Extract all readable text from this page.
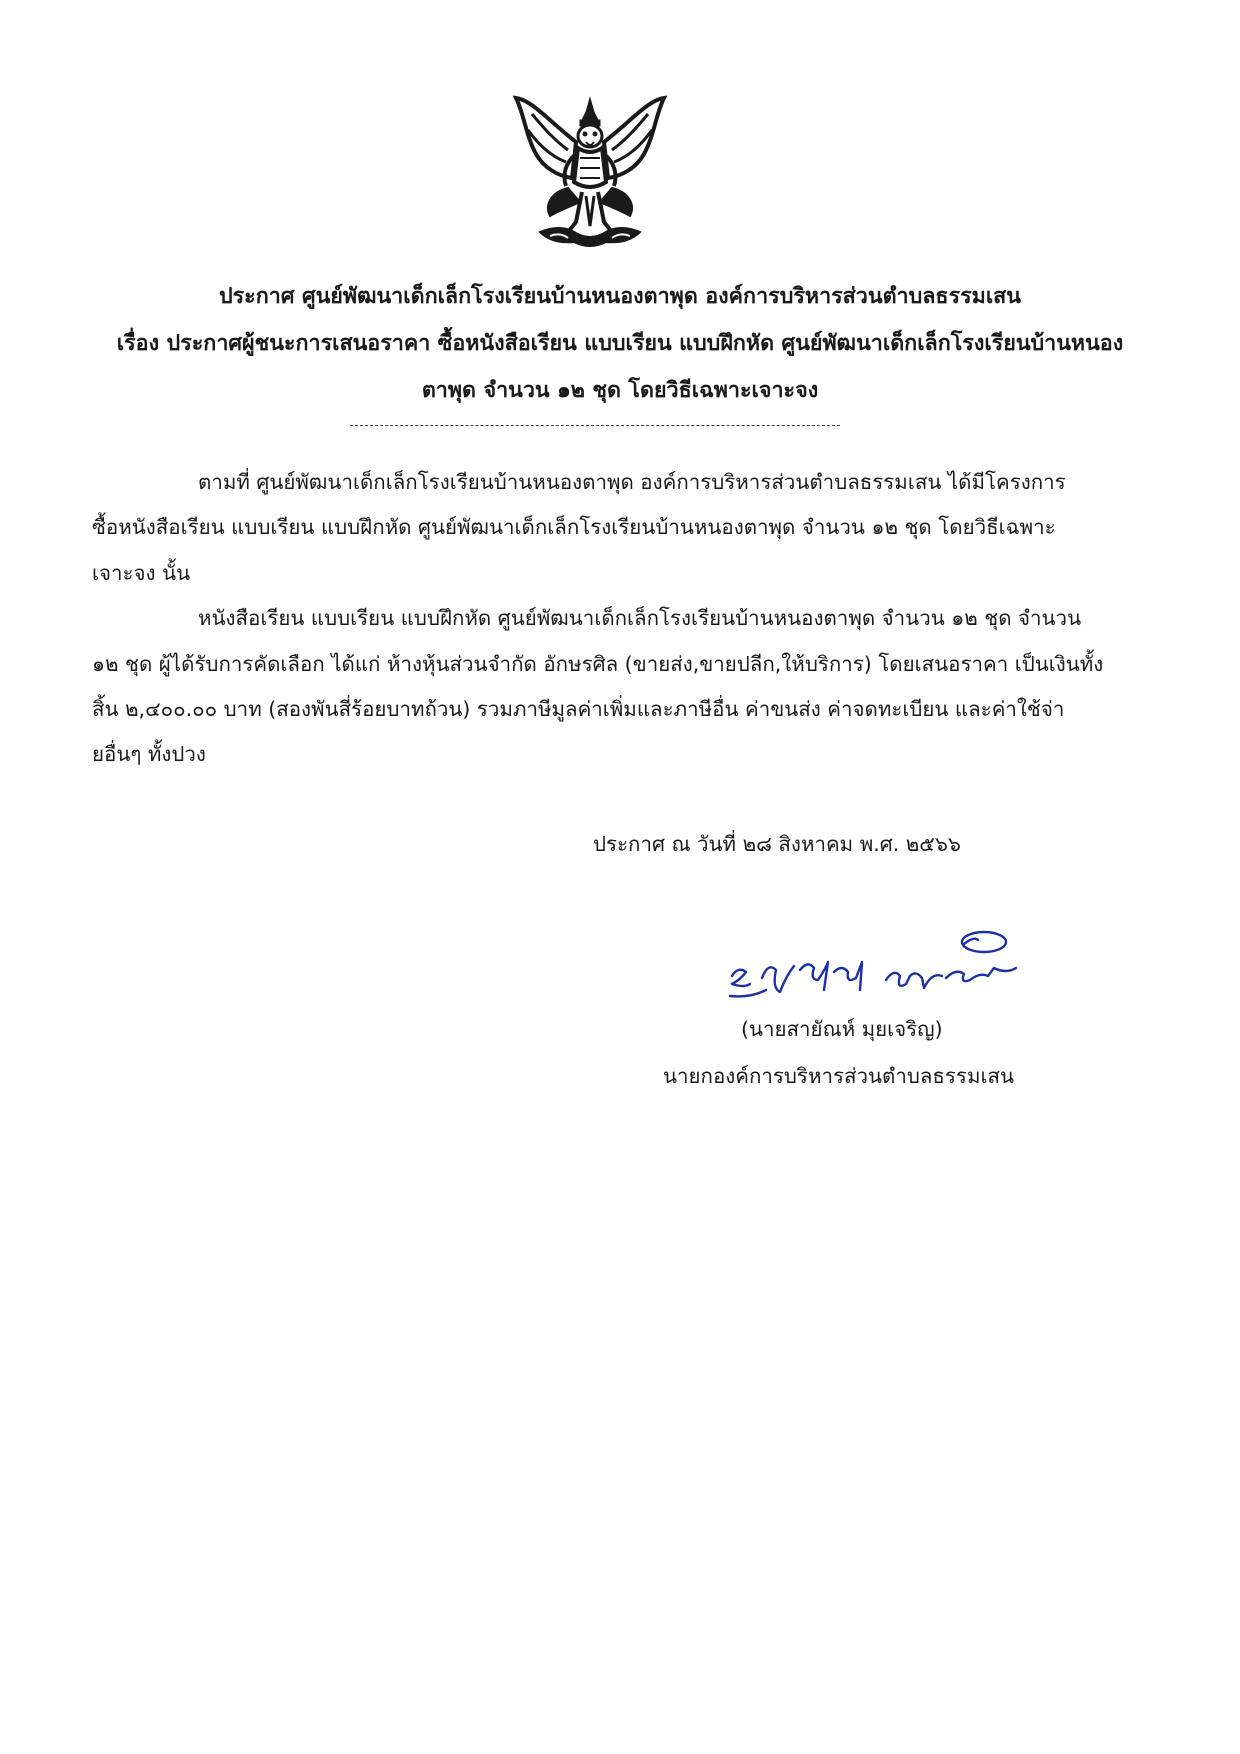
ประกาศ ศูนย์พัฒนาเด็กเล็กโรงเรียนบ้านหนองตาพุด องค์การบริหารส่วนตำบลธรรมเสน
เรื่อง ประกาศผู้ชนะการเสนอราคา ซื้อหนังสือเรียน แบบเรียน แบบฝึกหัด ศูนย์พัฒนาเด็กเล็กโรงเรียนบ้านหนอง
ตาพุด จำนวน ๑๒ ชุด โดยวิธีเฉพาะเจาะจง
ตามที่ ศูนย์พัฒนาเด็กเล็กโรงเรียนบ้านหนองตาพุด องค์การบริหารส่วนตำบลธรรมเสน ได้มีโครงการ
ซื้อหนังสือเรียน แบบเรียน แบบฝึกหัด ศูนย์พัฒนาเด็กเล็กโรงเรียนบ้านหนองตาพุด จำนวน ๑๒ ชุด โดยวิธีเฉพาะ
เจาะจง นั้น
หนังสือเรียน แบบเรียน แบบฝึกหัด ศูนย์พัฒนาเด็กเล็กโรงเรียนบ้านหนองตาพุด จำนวน ๑๒ ชุด จำนวน
๑๒ ชุด ผู้ได้รับการคัดเลือก ได้แก่ ห้างหุ้นส่วนจำกัด อักษรศิล (ขายส่ง,ขายปลีก,ให้บริการ) โดยเสนอราคา เป็นเงินทั้ง
สิ้น ๒,๔๐๐.๐๐ บาท (สองพันสี่ร้อยบาทถ้วน) รวมภาษีมูลค่าเพิ่มและภาษีอื่น ค่าขนส่ง ค่าจดทะเบียน และค่าใช้จ่า
ยอื่นๆ ทั้งปวง
ประกาศ ณ วันที่ ๒๘ สิงหาคม พ.ศ. ๒๕๖๖
(นายสายัณห์ มุยเจริญ)
นายกองค์การบริหารส่วนตำบลธรรมเสน
